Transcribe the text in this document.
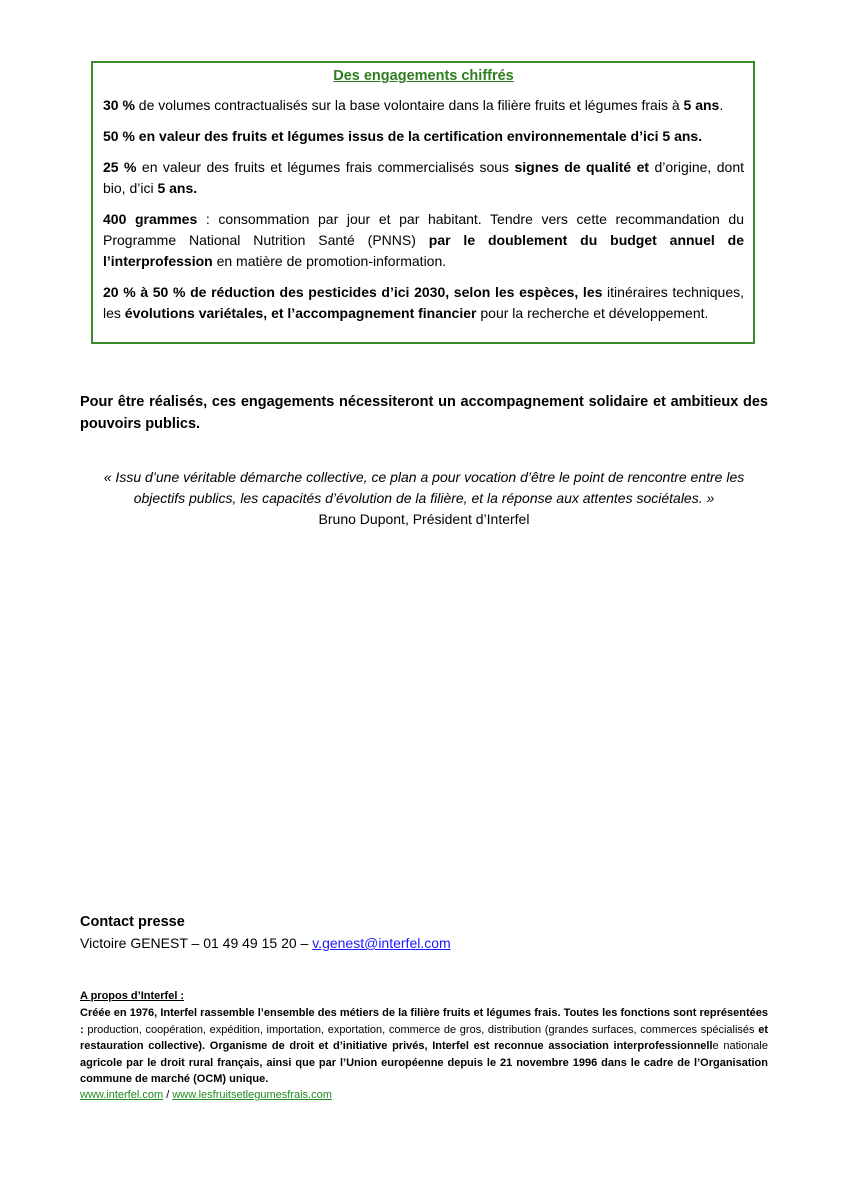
Des engagements chiffrés

30 % de volumes contractualisés sur la base volontaire dans la filière fruits et légumes frais à 5 ans.

50 % en valeur des fruits et légumes issus de la certification environnementale d’ici 5 ans.

25 % en valeur des fruits et légumes frais commercialisés sous signes de qualité et d’origine, dont bio, d’ici 5 ans.

400 grammes : consommation par jour et par habitant. Tendre vers cette recommandation du Programme National Nutrition Santé (PNNS) par le doublement du budget annuel de l’interprofession en matière de promotion-information.

20 % à 50 % de réduction des pesticides d’ici 2030, selon les espèces, les itinéraires techniques, les évolutions variétales, et l’accompagnement financier pour la recherche et développement.

Pour être réalisés, ces engagements nécessiteront un accompagnement solidaire et ambitieux des pouvoirs publics.
« Issu d’une véritable démarche collective, ce plan a pour vocation d’être le point de rencontre entre les objectifs publics, les capacités d’évolution de la filière, et la réponse aux attentes sociétales. »
Bruno Dupont, Président d’Interfel
Contact presse
Victoire GENEST – 01 49 49 15 20 – v.genest@interfel.com
A propos d’Interfel :
Créée en 1976, Interfel rassemble l’ensemble des métiers de la filière fruits et légumes frais. Toutes les fonctions sont représentées : production, coopération, expédition, importation, exportation, commerce de gros, distribution (grandes surfaces, commerces spécialisés et restauration collective). Organisme de droit et d’initiative privés, Interfel est reconnue association interprofessionnelle nationale agricole par le droit rural français, ainsi que par l’Union européenne depuis le 21 novembre 1996 dans le cadre de l’Organisation commune de marché (OCM) unique.
www.interfel.com / www.lesfruitsetlegumesfrais.com
